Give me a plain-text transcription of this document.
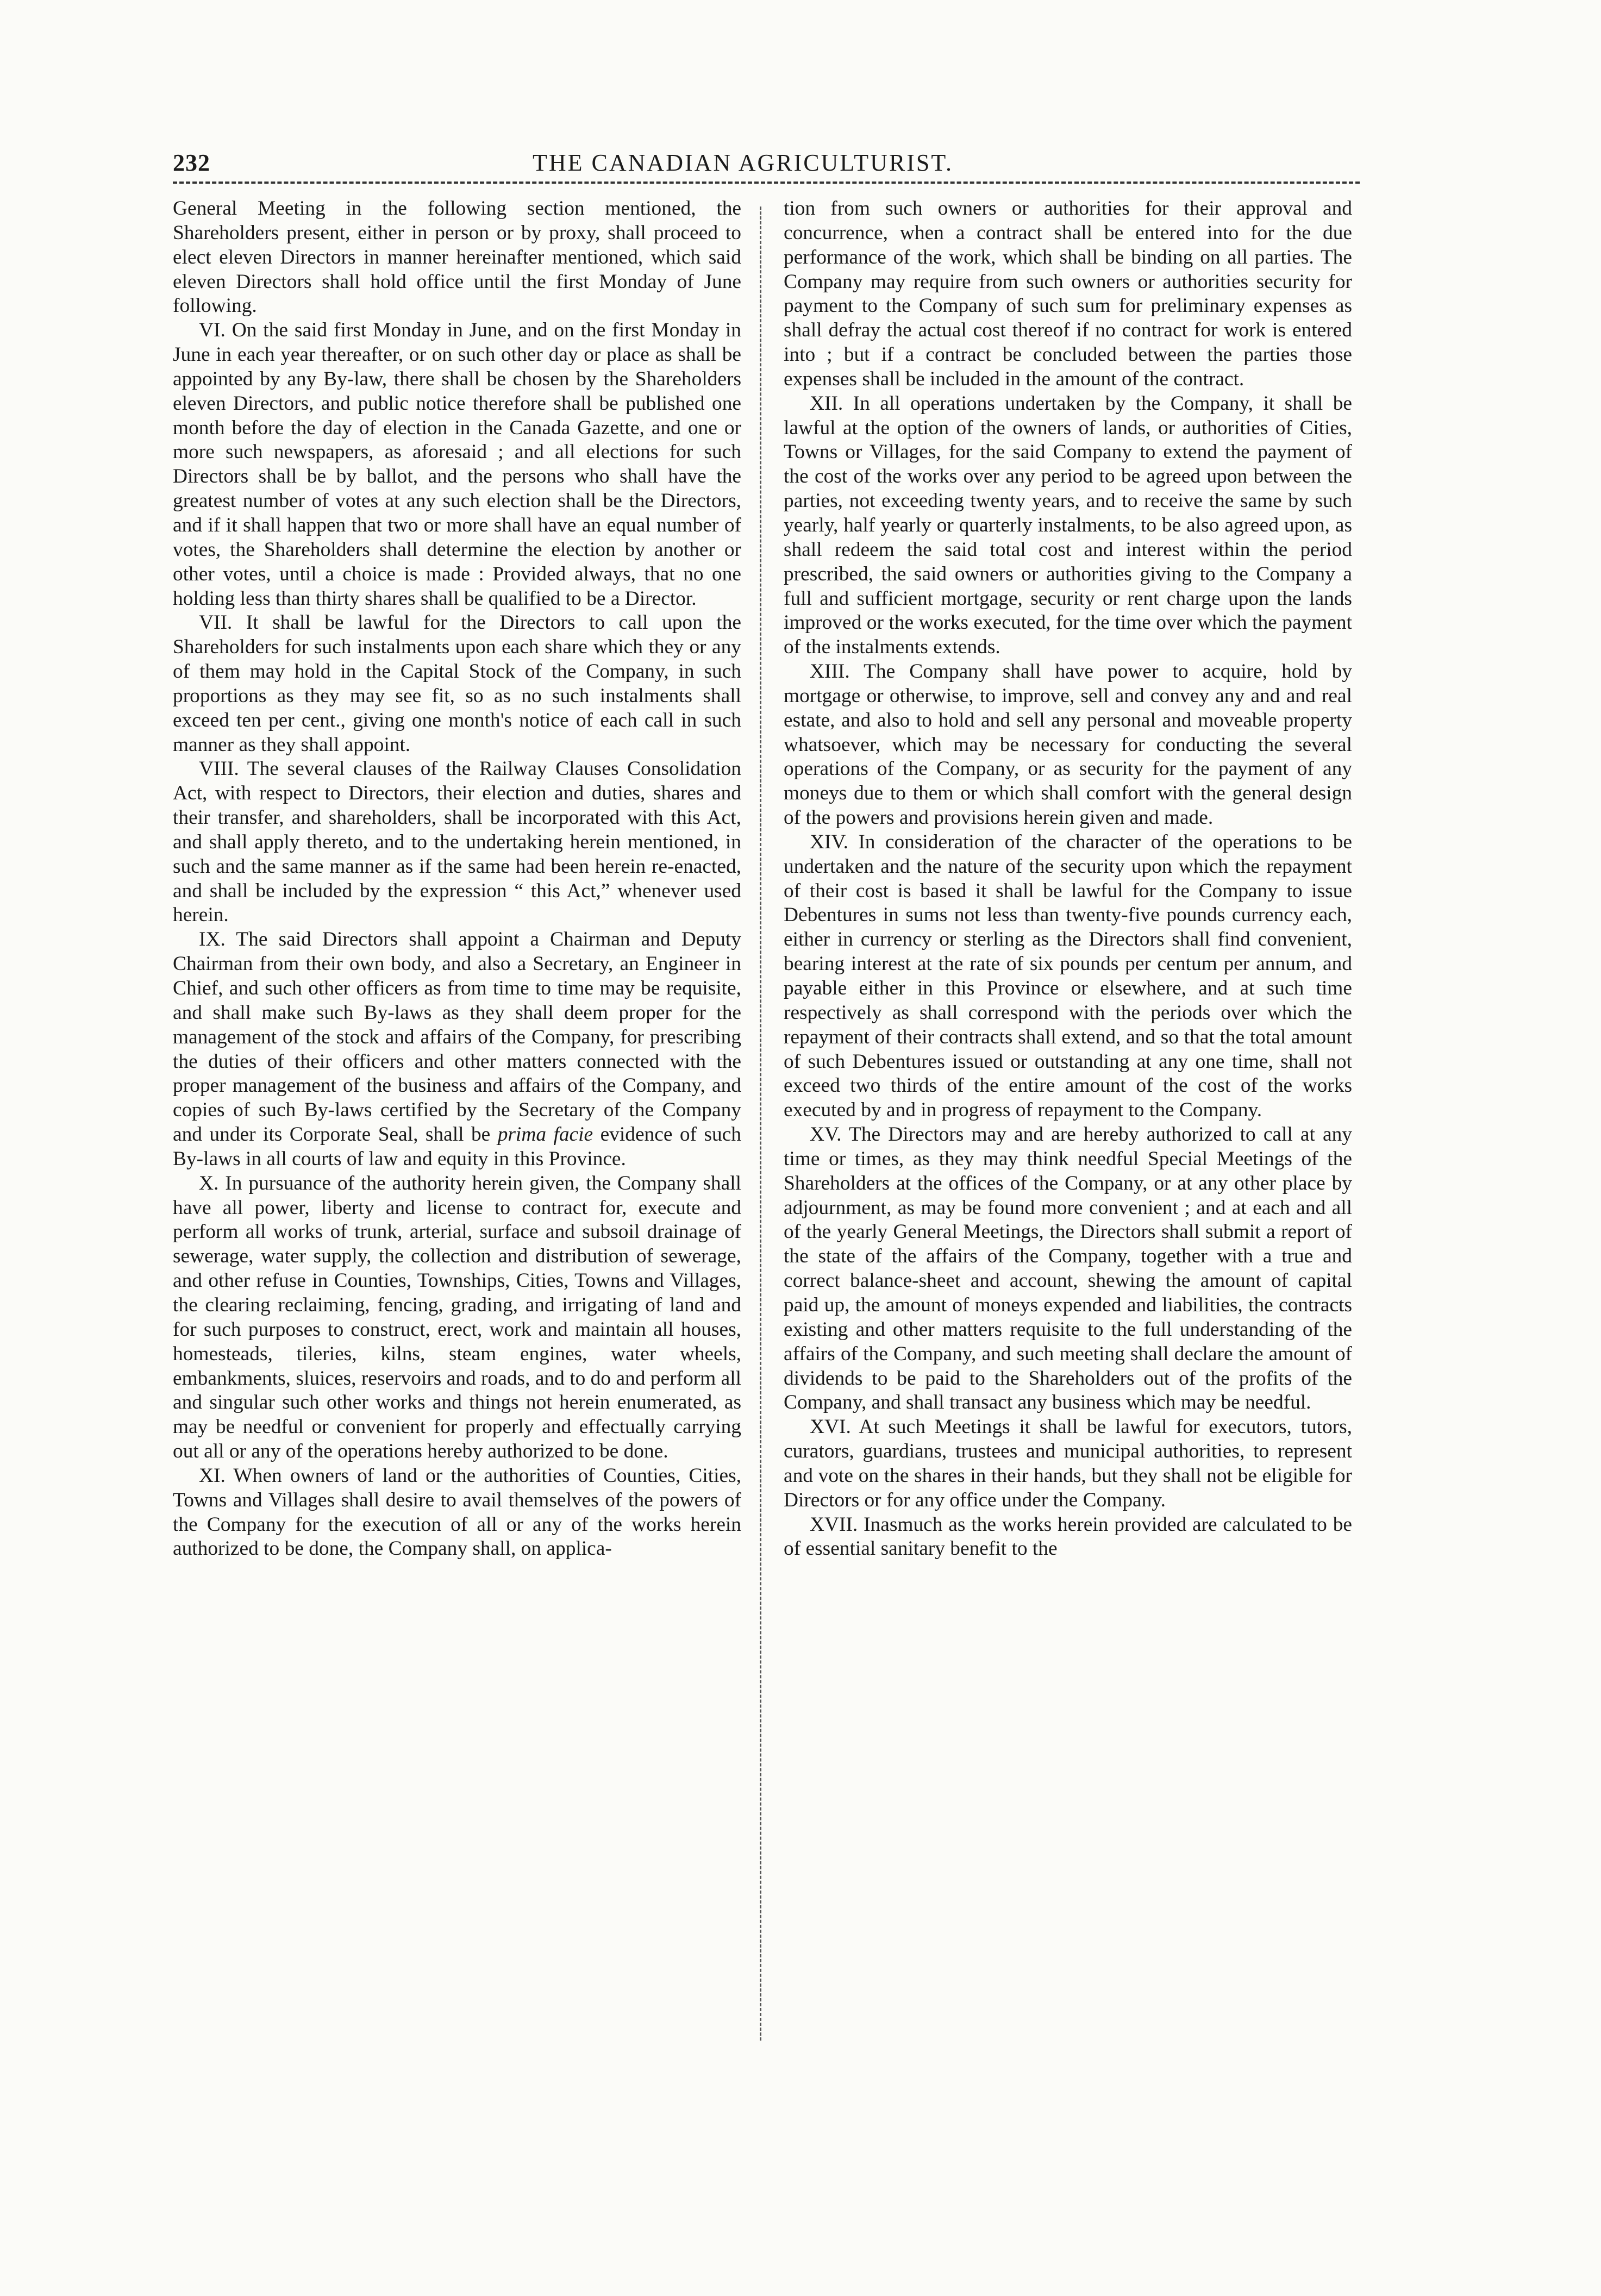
232	THE CANADIAN AGRICULTURIST.

General Meeting in the following section mentioned, the Shareholders present, either in person or by proxy, shall proceed to elect eleven Directors in manner hereinafter mentioned, which said eleven Directors shall hold office until the first Monday of June following.

VI. On the said first Monday in June, and on the first Monday in June in each year thereafter, or on such other day or place as shall be appointed by any By-law, there shall be chosen by the Shareholders eleven Directors, and public notice therefore shall be published one month before the day of election in the Canada Gazette, and one or more such newspapers, as aforesaid ; and all elections for such Directors shall be by ballot, and the persons who shall have the greatest number of votes at any such election shall be the Directors, and if it shall happen that two or more shall have an equal number of votes, the Shareholders shall determine the election by another or other votes, until a choice is made : Provided always, that no one holding less than thirty shares shall be qualified to be a Director.

VII. It shall be lawful for the Directors to call upon the Shareholders for such instalments upon each share which they or any of them may hold in the Capital Stock of the Company, in such proportions as they may see fit, so as no such instalments shall exceed ten per cent., giving one month's notice of each call in such manner as they shall appoint.

VIII. The several clauses of the Railway Clauses Consolidation Act, with respect to Directors, their election and duties, shares and their transfer, and shareholders, shall be incorporated with this Act, and shall apply thereto, and to the undertaking herein mentioned, in such and the same manner as if the same had been herein re-enacted, and shall be included by the expression “ this Act,” whenever used herein.

IX. The said Directors shall appoint a Chairman and Deputy Chairman from their own body, and also a Secretary, an Engineer in Chief, and such other officers as from time to time may be requisite, and shall make such By-laws as they shall deem proper for the management of the stock and affairs of the Company, for prescribing the duties of their officers and other matters connected with the proper management of the business and affairs of the Company, and copies of such By-laws certified by the Secretary of the Company and under its Corporate Seal, shall be prima facie evidence of such By-laws in all courts of law and equity in this Province.

X. In pursuance of the authority herein given, the Company shall have all power, liberty and license to contract for, execute and perform all works of trunk, arterial, surface and subsoil drainage of sewerage, water supply, the collection and distribution of sewerage, and other refuse in Counties, Townships, Cities, Towns and Villages, the clearing reclaiming, fencing, grading, and irrigating of land and for such purposes to construct, erect, work and maintain all houses, homesteads, tileries, kilns, steam engines, water wheels, embankments, sluices, reservoirs and roads, and to do and perform all and singular such other works and things not herein enumerated, as may be needful or convenient for properly and effectually carrying out all or any of the operations hereby authorized to be done.

XI. When owners of land or the authorities of Counties, Cities, Towns and Villages shall desire to avail themselves of the powers of the Company for the execution of all or any of the works herein authorized to be done, the Company shall, on applica-

tion from such owners or authorities for their approval and concurrence, when a contract shall be entered into for the due performance of the work, which shall be binding on all parties. The Company may require from such owners or authorities security for payment to the Company of such sum for preliminary expenses as shall defray the actual cost thereof if no contract for work is entered into ; but if a contract be concluded between the parties those expenses shall be included in the amount of the contract.

XII. In all operations undertaken by the Company, it shall be lawful at the option of the owners of lands, or authorities of Cities, Towns or Villages, for the said Company to extend the payment of the cost of the works over any period to be agreed upon between the parties, not exceeding twenty years, and to receive the same by such yearly, half yearly or quarterly instalments, to be also agreed upon, as shall redeem the said total cost and interest within the period prescribed, the said owners or authorities giving to the Company a full and sufficient mortgage, security or rent charge upon the lands improved or the works executed, for the time over which the payment of the instalments extends.

XIII. The Company shall have power to acquire, hold by mortgage or otherwise, to improve, sell and convey any and and real estate, and also to hold and sell any personal and moveable property whatsoever, which may be necessary for conducting the several operations of the Company, or as security for the payment of any moneys due to them or which shall comfort with the general design of the powers and provisions herein given and made.

XIV. In consideration of the character of the operations to be undertaken and the nature of the security upon which the repayment of their cost is based it shall be lawful for the Company to issue Debentures in sums not less than twenty-five pounds currency each, either in currency or sterling as the Directors shall find convenient, bearing interest at the rate of six pounds per centum per annum, and payable either in this Province or elsewhere, and at such time respectively as shall correspond with the periods over which the repayment of their contracts shall extend, and so that the total amount of such Debentures issued or outstanding at any one time, shall not exceed two thirds of the entire amount of the cost of the works executed by and in progress of repayment to the Company.

XV. The Directors may and are hereby authorized to call at any time or times, as they may think needful Special Meetings of the Shareholders at the offices of the Company, or at any other place by adjournment, as may be found more convenient ; and at each and all of the yearly General Meetings, the Directors shall submit a report of the state of the affairs of the Company, together with a true and correct balance-sheet and account, shewing the amount of capital paid up, the amount of moneys expended and liabilities, the contracts existing and other matters requisite to the full understanding of the affairs of the Company, and such meeting shall declare the amount of dividends to be paid to the Shareholders out of the profits of the Company, and shall transact any business which may be needful.

XVI. At such Meetings it shall be lawful for executors, tutors, curators, guardians, trustees and municipal authorities, to represent and vote on the shares in their hands, but they shall not be eligible for Directors or for any office under the Company.

XVII. Inasmuch as the works herein provided are calculated to be of essential sanitary benefit to the
